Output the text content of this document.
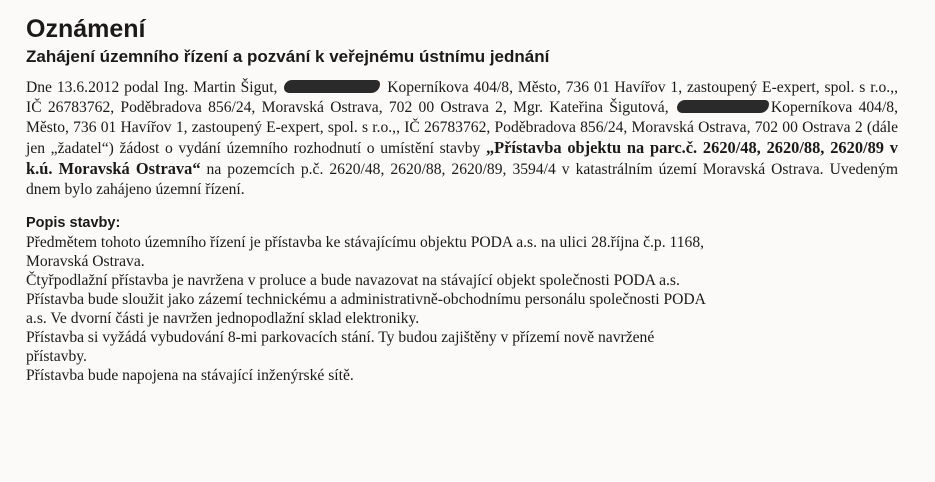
Oznámení
Zahájení územního řízení a pozvání k veřejnému ústnímu jednání

Dne 13.6.2012 podal Ing. Martin Šigut,	Koperníkova 404/8, Město, 736 01 Havířov 1, zastoupený E-expert, spol. s r.o.,, IČ 26783762, Poděbradova 856/24, Moravská Ostrava, 702 00 Ostrava 2, Mgr. Kateřina Šigutová,	Koperníkova 404/8, Město, 736 01 Havířov 1, zastoupený E-expert, spol. s r.o.,, IČ 26783762, Poděbradova 856/24, Moravská Ostrava, 702 00 Ostrava 2 (dále jen „žadatel“) žádost o vydání územního rozhodnutí o umístění stavby „Přístavba objektu na parc.č. 2620/48, 2620/88, 2620/89 v k.ú. Moravská Ostrava“ na pozemcích p.č. 2620/48, 2620/88, 2620/89, 3594/4 v katastrálním území Moravská Ostrava. Uvedeným dnem bylo zahájeno územní řízení.

Popis stavby:
Předmětem tohoto územního řízení je přístavba ke stávajícímu objektu PODA a.s. na ulici 28.října č.p. 1168,
Moravská Ostrava.
Čtyřpodlažní přístavba je navržena v proluce a bude navazovat na stávající objekt společnosti PODA a.s.
Přístavba bude sloužit jako zázemí technickému a administrativně-obchodnímu personálu společnosti PODA
a.s. Ve dvorní části je navržen jednopodlažní sklad elektroniky.
Přístavba si vyžádá vybudování 8-mi parkovacích stání. Ty budou zajištěny v přízemí nově navržené
přístavby.
Přístavba bude napojena na stávající inženýrské sítě.
